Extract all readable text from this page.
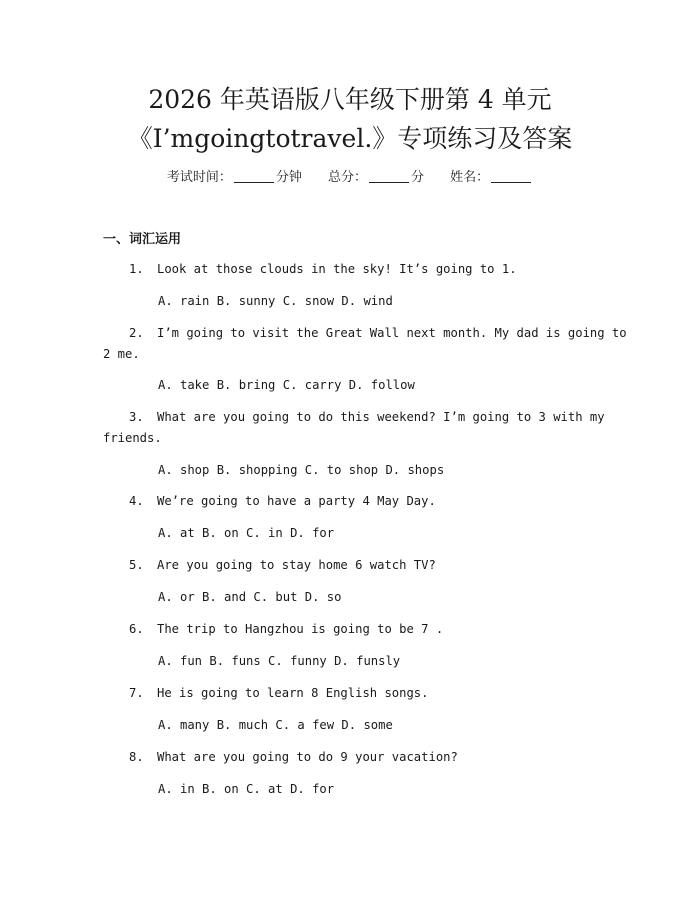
2026 年英语版八年级下册第 4 单元
《I’mgoingtotravel.》专项练习及答案
考试时间：	分钟 总分：	分 姓名：
一、词汇运用
1. Look at those clouds in the sky! It’s going to 1.
A. rain B. sunny C. snow D. wind
2. I’m going to visit the Great Wall next month. My dad is going to
2 me.
A. take B. bring C. carry D. follow
3. What are you going to do this weekend? I’m going to 3 with my
friends.
A. shop B. shopping C. to shop D. shops
4. We’re going to have a party 4 May Day.
A. at B. on C. in D. for
5. Are you going to stay home 6 watch TV?
A. or B. and C. but D. so
6. The trip to Hangzhou is going to be 7 .
A. fun B. funs C. funny D. funsly
7. He is going to learn 8 English songs.
A. many B. much C. a few D. some
8. What are you going to do 9 your vacation?
A. in B. on C. at D. for
